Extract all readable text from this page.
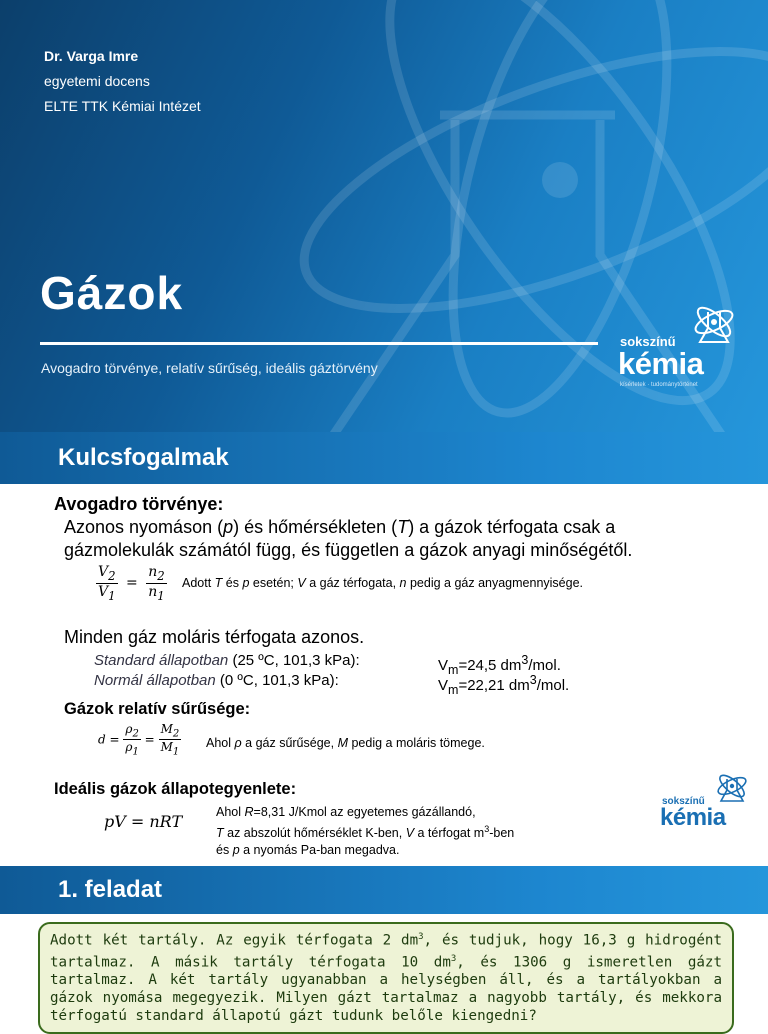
Dr. Varga Imre
egyetemi docens
ELTE TTK Kémiai Intézet
Gázok
Avogadro törvénye, relatív sűrűség, ideális gáztörvény
sokszínű
kémia
kísérletek · tudománytörténet
Kulcsfogalmak
Avogadro törvénye:
Azonos nyomáson (p) és hőmérsékleten (T) a gázok térfogata csak a
gázmolekulák számától függ, és független a gázok anyagi minőségétől.
$\frac{V_2}{V_1} = \frac{n_2}{n_1}$ Adott T és p esetén; V a gáz térfogata, n pedig a gáz anyagmennyisége.
Minden gáz moláris térfogata azonos.
Standard állapotban (25 ºC, 101,3 kPa):	$V_m=24,5$ $dm^3$/mol.
Normál állapotban (0 ºC, 101,3 kPa):	$V_m=22,21$ $dm^3$/mol.
Gázok relatív sűrűsége:
$d = \frac{\rho_2}{\rho_1} = \frac{M_2}{M_1}$ Ahol ρ a gáz sűrűsége, M pedig a moláris tömege.
Ideális gázok állapotegyenlete:
pV = nRT	Ahol R=8,31 J/Kmol az egyetemes gázállandó,
T az abszolút hőmérséklet K-ben, V a térfogat $m^3$-ben
és p a nyomás Pa-ban megadva.
sokszínű
kémia
1. feladat
Adott két tartály. Az egyik térfogata 2 $dm^3$, és tudjuk, hogy 16,3 g hidrogént tartalmaz. A másik tartály térfogata 10 $dm^3$, és 1306 g ismeretlen gázt tartalmaz. A két tartály ugyanabban a helységben áll, és a tartályokban a gázok nyomása megegyezik. Milyen gázt tartalmaz a nagyobb tartály, és mekkora térfogatú standard állapotú gázt tudunk belőle kiengedni?
